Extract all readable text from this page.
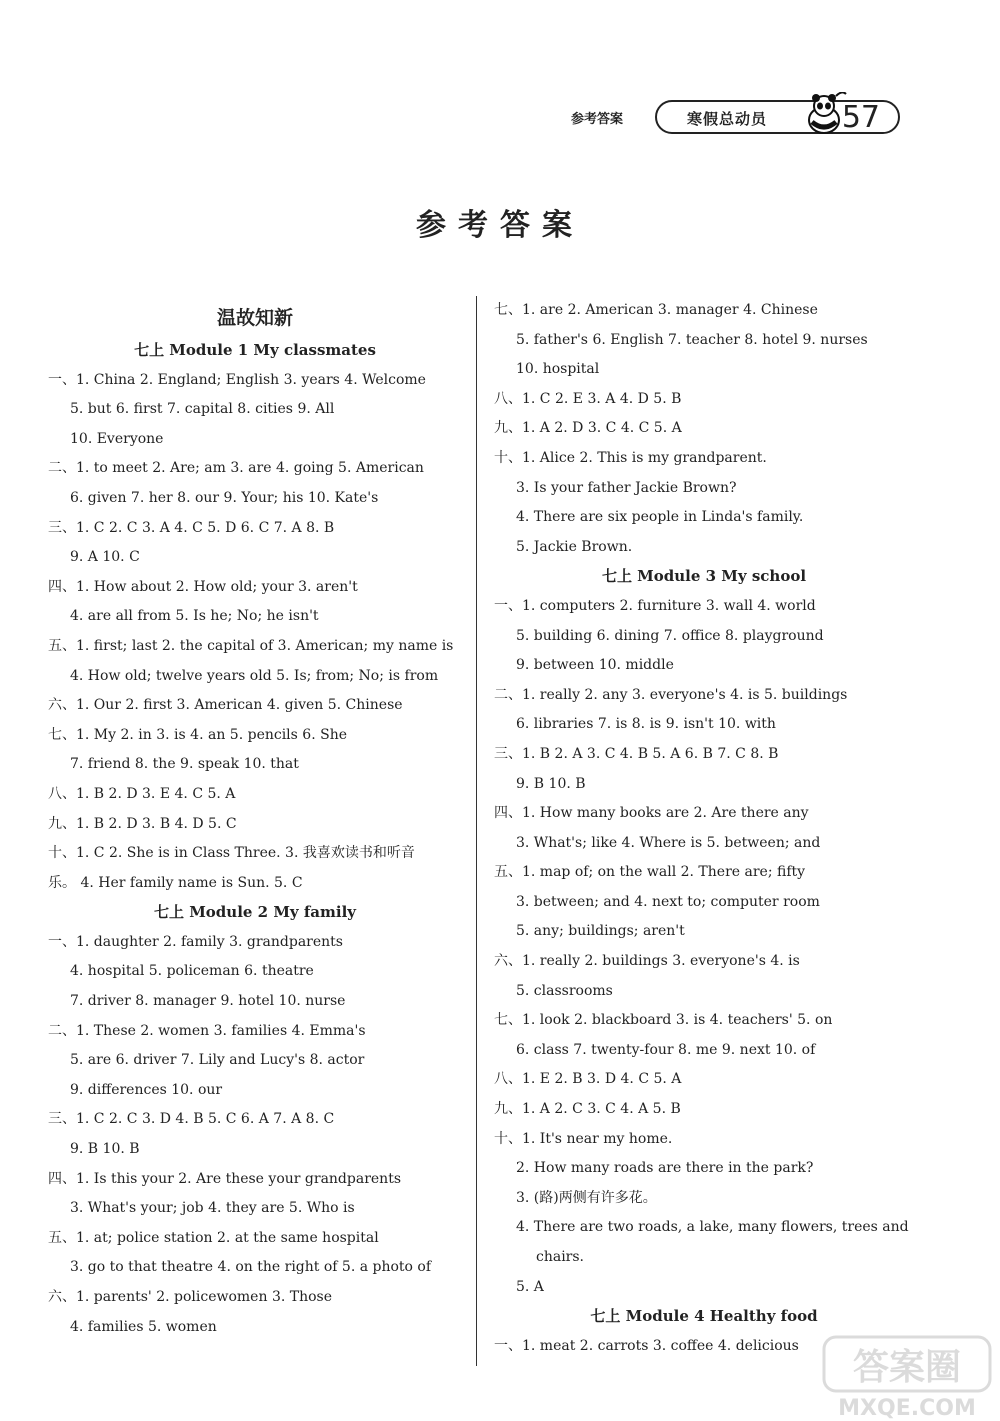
参考答案	寒假总动员 57
参考答案
温故知新
七上 Module 1 My classmates
一、1. China 2. England; English 3. years 4. Welcome
5. but 6. first 7. capital 8. cities 9. All
10. Everyone
二、1. to meet 2. Are; am 3. are 4. going 5. American
6. given 7. her 8. our 9. Your; his 10. Kate's
三、1. C 2. C 3. A 4. C 5. D 6. C 7. A 8. B
9. A 10. C
四、1. How about 2. How old; your 3. aren't
4. are all from 5. Is he; No; he isn't
五、1. first; last 2. the capital of 3. American; my name is
4. How old; twelve years old 5. Is; from; No; is from
六、1. Our 2. first 3. American 4. given 5. Chinese
七、1. My 2. in 3. is 4. an 5. pencils 6. She
7. friend 8. the 9. speak 10. that
八、1. B 2. D 3. E 4. C 5. A
九、1. B 2. D 3. B 4. D 5. C
十、1. C 2. She is in Class Three. 3. 我喜欢读书和听音
乐。 4. Her family name is Sun. 5. C
七上 Module 2 My family
一、1. daughter 2. family 3. grandparents
4. hospital 5. policeman 6. theatre
7. driver 8. manager 9. hotel 10. nurse
二、1. These 2. women 3. families 4. Emma's
5. are 6. driver 7. Lily and Lucy's 8. actor
9. differences 10. our
三、1. C 2. C 3. D 4. B 5. C 6. A 7. A 8. C
9. B 10. B
四、1. Is this your 2. Are these your grandparents
3. What's your; job 4. they are 5. Who is
五、1. at; police station 2. at the same hospital
3. go to that theatre 4. on the right of 5. a photo of
六、1. parents' 2. policewomen 3. Those
4. families 5. women
七、1. are 2. American 3. manager 4. Chinese
5. father's 6. English 7. teacher 8. hotel 9. nurses
10. hospital
八、1. C 2. E 3. A 4. D 5. B
九、1. A 2. D 3. C 4. C 5. A
十、1. Alice 2. This is my grandparent.
3. Is your father Jackie Brown?
4. There are six people in Linda's family.
5. Jackie Brown.
七上 Module 3 My school
一、1. computers 2. furniture 3. wall 4. world
5. building 6. dining 7. office 8. playground
9. between 10. middle
二、1. really 2. any 3. everyone's 4. is 5. buildings
6. libraries 7. is 8. is 9. isn't 10. with
三、1. B 2. A 3. C 4. B 5. A 6. B 7. C 8. B
9. B 10. B
四、1. How many books are 2. Are there any
3. What's; like 4. Where is 5. between; and
五、1. map of; on the wall 2. There are; fifty
3. between; and 4. next to; computer room
5. any; buildings; aren't
六、1. really 2. buildings 3. everyone's 4. is
5. classrooms
七、1. look 2. blackboard 3. is 4. teachers' 5. on
6. class 7. twenty-four 8. me 9. next 10. of
八、1. E 2. B 3. D 4. C 5. A
九、1. A 2. C 3. C 4. A 5. B
十、1. It's near my home.
2. How many roads are there in the park?
3. (路)两侧有许多花。
4. There are two roads, a lake, many flowers, trees and
chairs.
5. A
七上 Module 4 Healthy food
一、1. meat 2. carrots 3. coffee 4. delicious
答案圈
MXQE.COM
